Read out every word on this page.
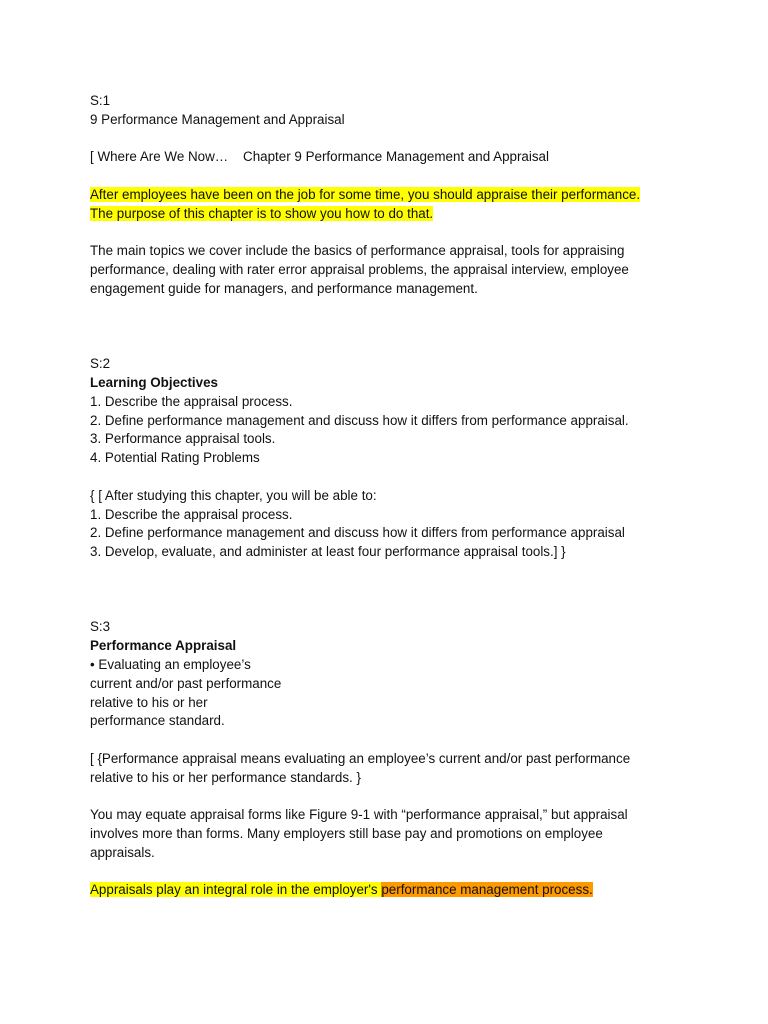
S:1
9 Performance Management and Appraisal
[ Where Are We Now…    Chapter 9 Performance Management and Appraisal
After employees have been on the job for some time, you should appraise their performance.
The purpose of this chapter is to show you how to do that.
The main topics we cover include the basics of performance appraisal, tools for appraising performance, dealing with rater error appraisal problems, the appraisal interview, employee engagement guide for managers, and performance management.
S:2
Learning Objectives
1. Describe the appraisal process.
2. Define performance management and discuss how it differs from performance appraisal.
3. Performance appraisal tools.
4. Potential Rating Problems
{ [ After studying this chapter, you will be able to:
1. Describe the appraisal process.
2. Define performance management and discuss how it differs from performance appraisal
3. Develop, evaluate, and administer at least four performance appraisal tools.] }
S:3
Performance Appraisal
• Evaluating an employee’s
current and/or past performance
relative to his or her
performance standard.
[ {Performance appraisal means evaluating an employee’s current and/or past performance relative to his or her performance standards. }
You may equate appraisal forms like Figure 9-1 with “performance appraisal,” but appraisal involves more than forms. Many employers still base pay and promotions on employee appraisals.
Appraisals play an integral role in the employer's performance management process.
